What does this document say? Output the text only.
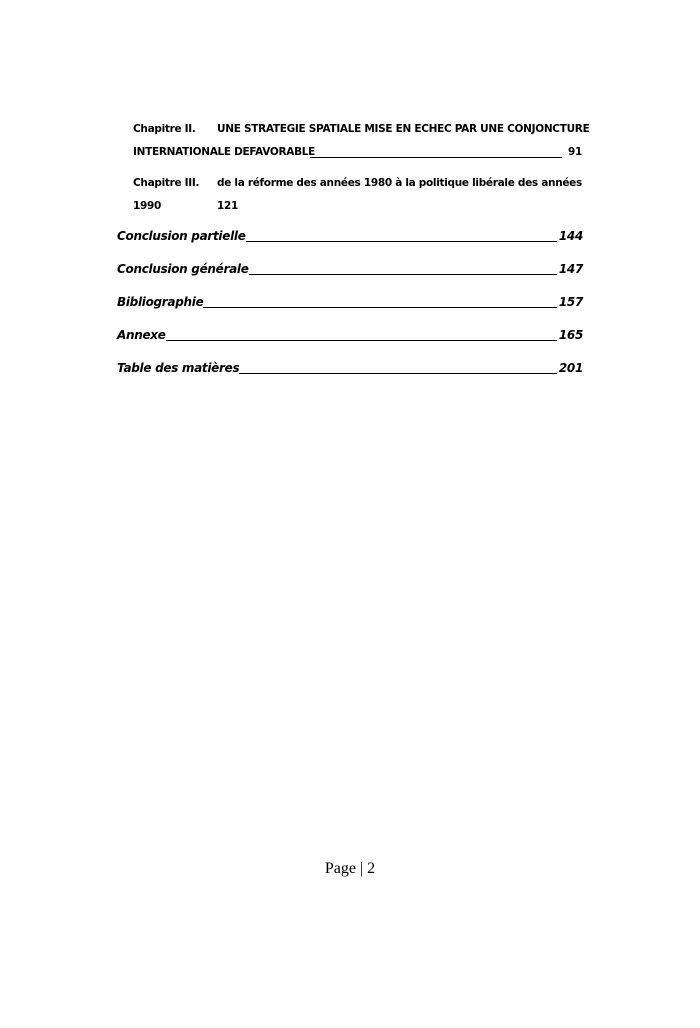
Chapitre II. UNE STRATEGIE SPATIALE MISE EN ECHEC PAR UNE CONJONCTURE
INTERNATIONALE DEFAVORABLE	91
Chapitre III. de la réforme des années 1980 à la politique libérale des années
1990	121
Conclusion partielle	144
Conclusion générale	147
Bibliographie	157
Annexe	165
Table des matières	201
Page | 2
